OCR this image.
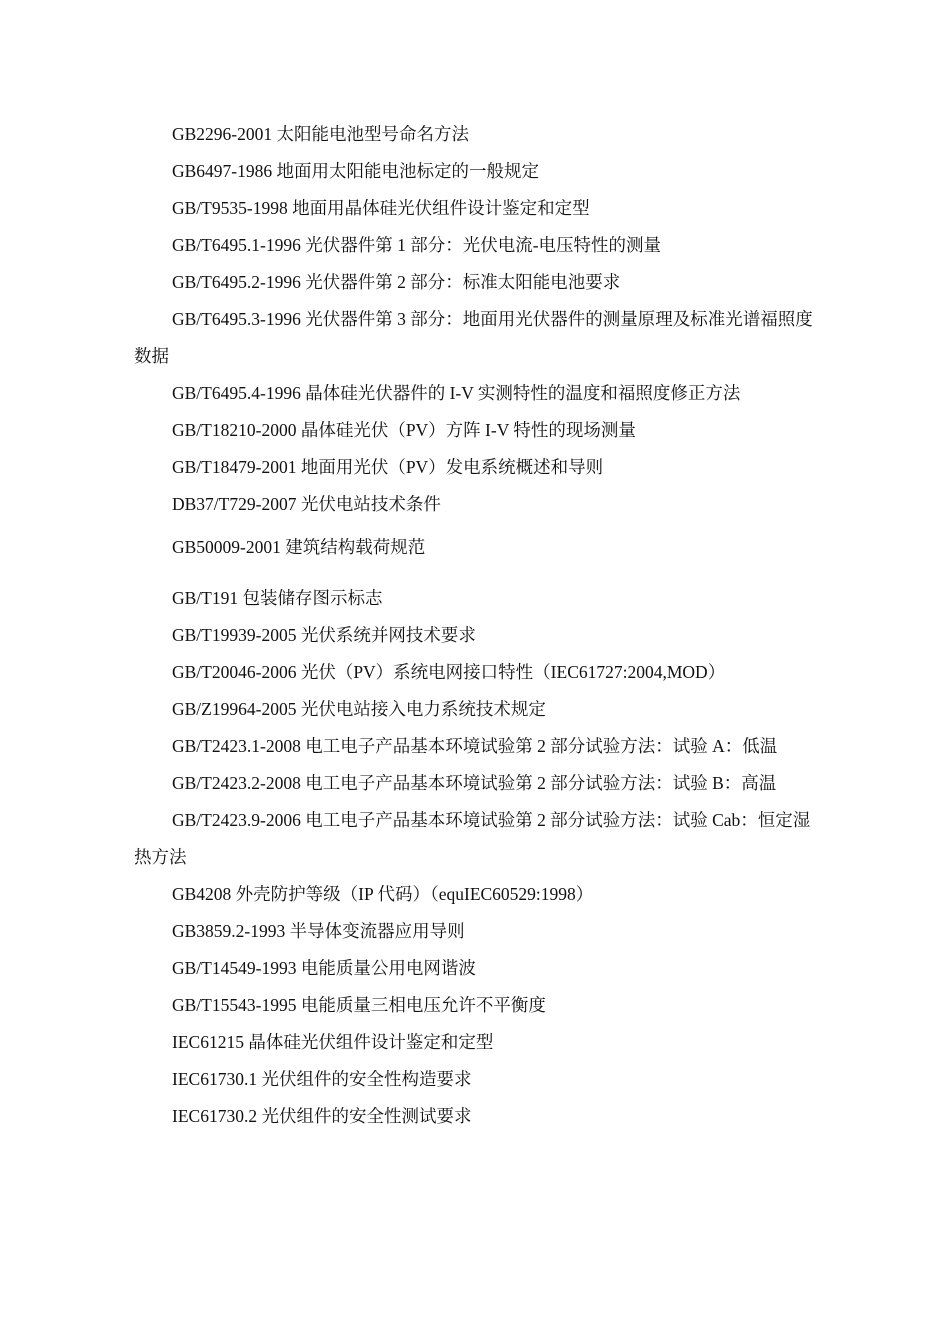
GB2296-2001 太阳能电池型号命名方法
GB6497-1986 地面用太阳能电池标定的一般规定
GB/T9535-1998 地面用晶体硅光伏组件设计鉴定和定型
GB/T6495.1-1996 光伏器件第 1 部分：光伏电流-电压特性的测量
GB/T6495.2-1996 光伏器件第 2 部分：标准太阳能电池要求
GB/T6495.3-1996 光伏器件第 3 部分：地面用光伏器件的测量原理及标准光谱福照度数据
GB/T6495.4-1996 晶体硅光伏器件的 I-V 实测特性的温度和福照度修正方法
GB/T18210-2000 晶体硅光伏（PV）方阵 I-V 特性的现场测量
GB/T18479-2001 地面用光伏（PV）发电系统概述和导则
DB37/T729-2007 光伏电站技术条件
GB50009-2001 建筑结构载荷规范
GB/T191 包装储存图示标志
GB/T19939-2005 光伏系统并网技术要求
GB/T20046-2006 光伏（PV）系统电网接口特性（IEC61727:2004,MOD）
GB/Z19964-2005 光伏电站接入电力系统技术规定
GB/T2423.1-2008 电工电子产品基本环境试验第 2 部分试验方法：试验 A：低温
GB/T2423.2-2008 电工电子产品基本环境试验第 2 部分试验方法：试验 B：高温
GB/T2423.9-2006 电工电子产品基本环境试验第 2 部分试验方法：试验 Cab：恒定湿热方法
GB4208 外壳防护等级（IP 代码）（equIEC60529:1998）
GB3859.2-1993 半导体变流器应用导则
GB/T14549-1993 电能质量公用电网谐波
GB/T15543-1995 电能质量三相电压允许不平衡度
IEC61215 晶体硅光伏组件设计鉴定和定型
IEC61730.1 光伏组件的安全性构造要求
IEC61730.2 光伏组件的安全性测试要求
